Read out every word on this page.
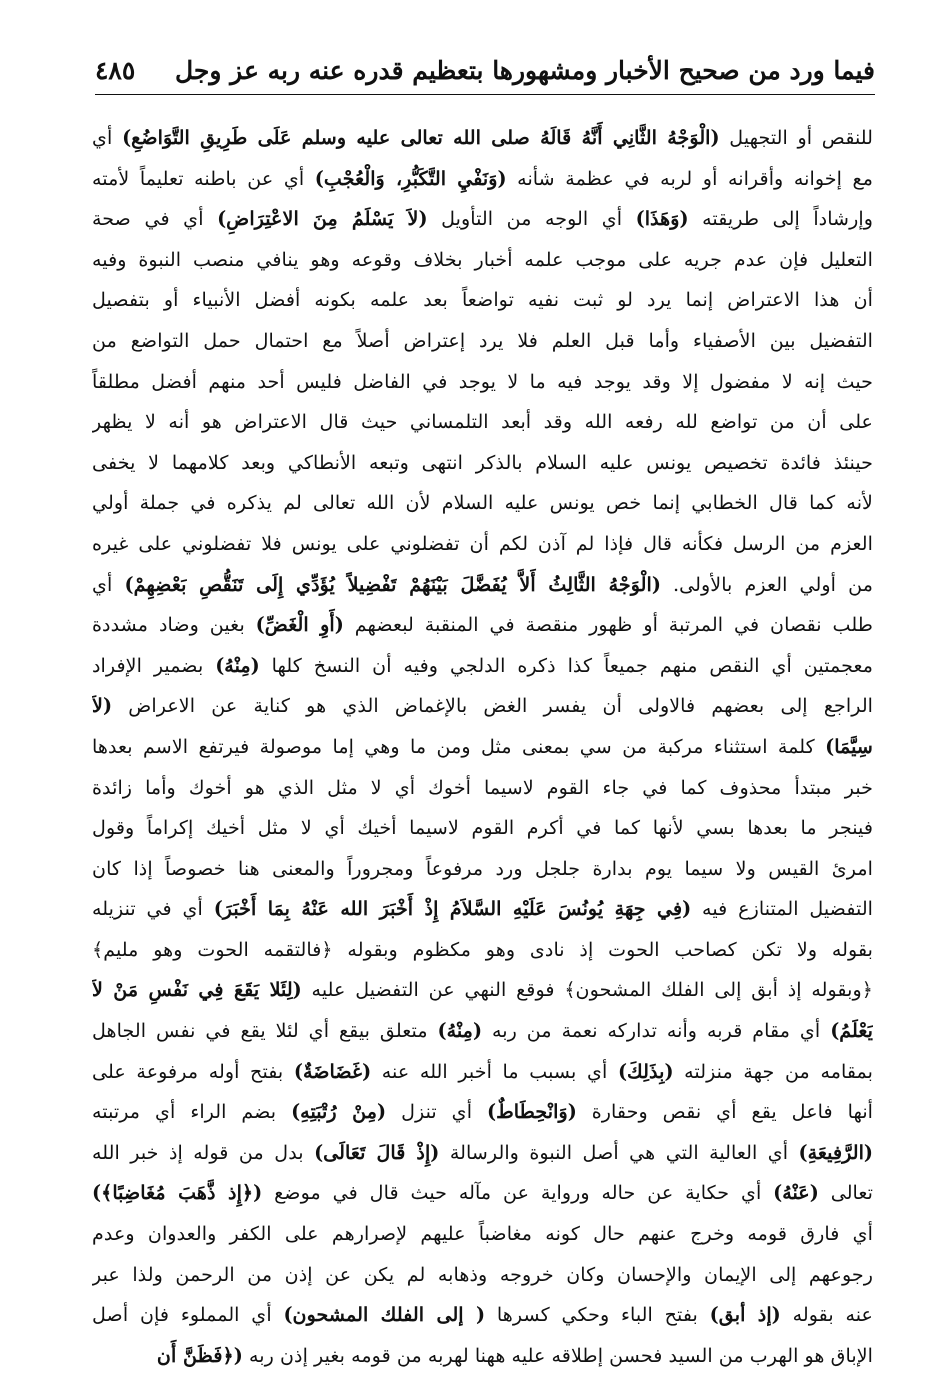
فيما ورد من صحيح الأخبار ومشهورها بتعظيم قدره عنه ربه عز وجل
٤٨٥
للنقص أو التجهيل (الْوَجْهُ الثَّانِي أَنَّهُ قَالَهُ صلى الله تعالى عليه وسلم عَلَى طَرِيقِ التَّوَاضُعِ) أي
مع إخوانه وأقرانه أو لربه في عظمة شأنه (وَنَفْيِ التَّكَبُّرِ، وَالْعُجْبِ) أي عن باطنه تعليماً لأمته
وإرشاداً إلى طريقته (وَهَذَا) أي الوجه من التأويل (لاَ يَسْلَمُ مِنَ الاعْتِرَاضِ) أي في صحة
التعليل فإن عدم جريه على موجب علمه أخبار بخلاف وقوعه وهو ينافي منصب النبوة وفيه
أن هذا الاعتراض إنما يرد لو ثبت نفيه تواضعاً بعد علمه بكونه أفضل الأنبياء أو بتفصيل
التفضيل بين الأصفياء وأما قبل العلم فلا يرد إعتراض أصلاً مع احتمال حمل التواضع من
حيث إنه لا مفضول إلا وقد يوجد فيه ما لا يوجد في الفاضل فليس أحد منهم أفضل مطلقاً
على أن من تواضع لله رفعه الله وقد أبعد التلمساني حيث قال الاعتراض هو أنه لا يظهر
حينئذ فائدة تخصيص يونس عليه السلام بالذكر انتهى وتبعه الأنطاكي وبعد كلامهما لا يخفى
لأنه كما قال الخطابي إنما خص يونس عليه السلام لأن الله تعالى لم يذكره في جملة أولي
العزم من الرسل فكأنه قال فإذا لم آذن لكم أن تفضلوني على يونس فلا تفضلوني على غيره
من أولي العزم بالأولى. (الْوَجْهُ الثَّالِثُ أَلاَّ يُفَضَّلَ بَيْنَهُمْ تَفْضِيلاً يُؤَدِّي إِلَى تَنَقُّصِ بَعْضِهِمْ) أي
طلب نقصان في المرتبة أو ظهور منقصة في المنقبة لبعضهم (أَوِ الْغَضِّ) بغين وضاد مشددة
معجمتين أي النقص منهم جميعاً كذا ذكره الدلجي وفيه أن النسخ كلها (مِنْهُ) بضمير الإفراد
الراجع إلى بعضهم فالاولى أن يفسر الغض بالإغماض الذي هو كناية عن الاعراض (لاَ
سِيَّمَا) كلمة استثناء مركبة من سي بمعنى مثل ومن ما وهي إما موصولة فيرتفع الاسم بعدها
خبر مبتدأ محذوف كما في جاء القوم لاسيما أخوك أي لا مثل الذي هو أخوك وأما زائدة
فينجر ما بعدها بسي لأنها كما في أكرم القوم لاسيما أخيك أي لا مثل أخيك إكراماً وقول
امرئ القيس ولا سيما يوم بدارة جلجل ورد مرفوعاً ومجروراً والمعنى هنا خصوصاً إذا كان
التفضيل المتنازع فيه (فِي جِهَةِ يُونُسَ عَلَيْهِ السَّلاَمُ إِذْ أَخْبَرَ الله عَنْهُ بِمَا أَخْبَرَ) أي في تنزيله
بقوله ولا تكن كصاحب الحوت إذ نادى وهو مكظوم وبقوله ﴿فالتقمه الحوت وهو مليم﴾
﴿وبقوله إذ أبق إلى الفلك المشحون﴾ فوقع النهي عن التفضيل عليه (لِئَلا يَقَعَ فِي نَفْسِ مَنْ لاَ
يَعْلَمُ) أي مقام قربه وأنه تداركه نعمة من ربه (مِنْهُ) متعلق بيقع أي لئلا يقع في نفس الجاهل
بمقامه من جهة منزلته (بِذَلِكَ) أي بسبب ما أخبر الله عنه (غَضَاضَةٌ) بفتح أوله مرفوعة على
أنها فاعل يقع أي نقص وحقارة (وَانْحِطَاطٌ) أي تنزل (مِنْ رُتْبَتِهِ) بضم الراء أي مرتبته
(الرَّفِيعَةِ) أي العالية التي هي أصل النبوة والرسالة (إِذْ قَالَ تَعَالَى) بدل من قوله إذ خبر الله
تعالى (عَنْهُ) أي حكاية عن حاله ورواية عن مآله حيث قال في موضع (﴿إِذ ذَّهَبَ مُغَاضِبًا﴾)
أي فارق قومه وخرج عنهم حال كونه مغاضباً عليهم لإصرارهم على الكفر والعدوان وعدم
رجوعهم إلى الإيمان والإحسان وكان خروجه وذهابه لم يكن عن إذن من الرحمن ولذا عبر
عنه بقوله (إذ أبق) بفتح الباء وحكي كسرها ( إلى الفلك المشحون) أي المملوء فإن أصل
الإباق هو الهرب من السيد فحسن إطلاقه عليه ههنا لهربه من قومه بغير إذن ربه (﴿فَظَنَّ أَن
